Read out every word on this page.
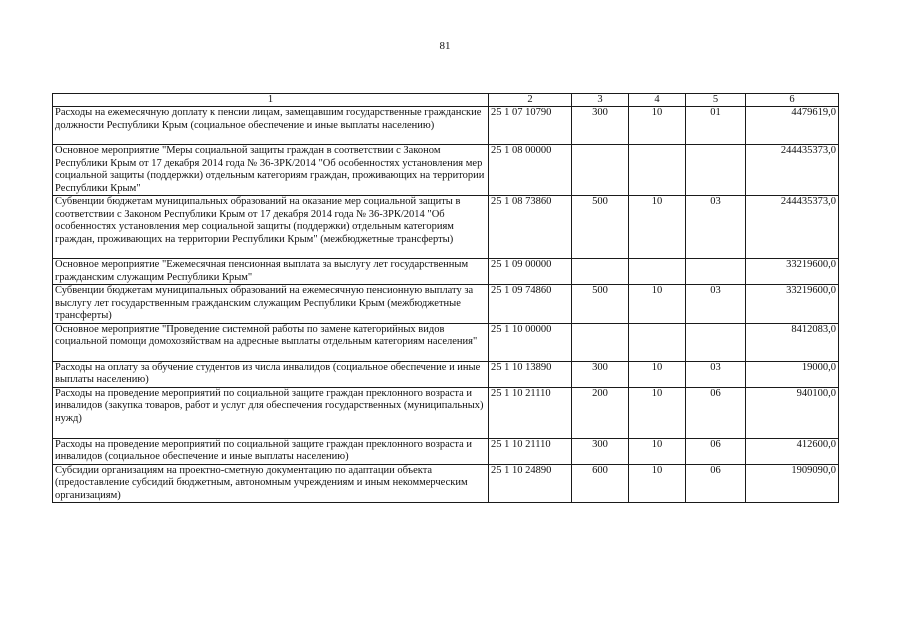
81
1	2	3	4	5	6
Расходы на ежемесячную доплату к пенсии лицам, замещавшим государственные гражданские должности Республики Крым (социальное обеспечение и иные выплаты населению)	25 1 07 10790	300	10	01	4479619,0
Основное мероприятие "Меры социальной защиты граждан в соответствии с Законом Республики Крым от 17 декабря 2014 года № 36-ЗРК/2014 "Об особенностях установления мер социальной защиты (поддержки) отдельным категориям граждан, проживающих на территории Республики Крым"	25 1 08 00000				244435373,0
Субвенции бюджетам муниципальных образований на оказание мер социальной защиты в соответствии с Законом Республики Крым от 17 декабря 2014 года № 36-ЗРК/2014 "Об особенностях установления мер социальной защиты (поддержки) отдельным категориям граждан, проживающих на территории Республики Крым" (межбюджетные трансферты)	25 1 08 73860	500	10	03	244435373,0
Основное мероприятие "Ежемесячная пенсионная выплата за выслугу лет государственным гражданским служащим Республики Крым"	25 1 09 00000				33219600,0
Субвенции бюджетам муниципальных образований на ежемесячную пенсионную выплату за выслугу лет государственным гражданским служащим Республики Крым (межбюджетные трансферты)	25 1 09 74860	500	10	03	33219600,0
Основное мероприятие "Проведение системной работы по замене категорийных видов социальной помощи домохозяйствам на адресные выплаты отдельным категориям населения"	25 1 10 00000				8412083,0
Расходы на оплату за обучение студентов из числа инвалидов (социальное обеспечение и иные выплаты населению)	25 1 10 13890	300	10	03	19000,0
Расходы на проведение мероприятий по социальной защите граждан преклонного возраста и инвалидов (закупка товаров, работ и услуг для обеспечения государственных (муниципальных) нужд)	25 1 10 21110	200	10	06	940100,0
Расходы на проведение мероприятий по социальной защите граждан преклонного возраста и инвалидов (социальное обеспечение и иные выплаты населению)	25 1 10 21110	300	10	06	412600,0
Субсидии организациям на проектно-сметную документацию по адаптации объекта (предоставление субсидий бюджетным, автономным учреждениям и иным некоммерческим организациям)	25 1 10 24890	600	10	06	1909090,0
